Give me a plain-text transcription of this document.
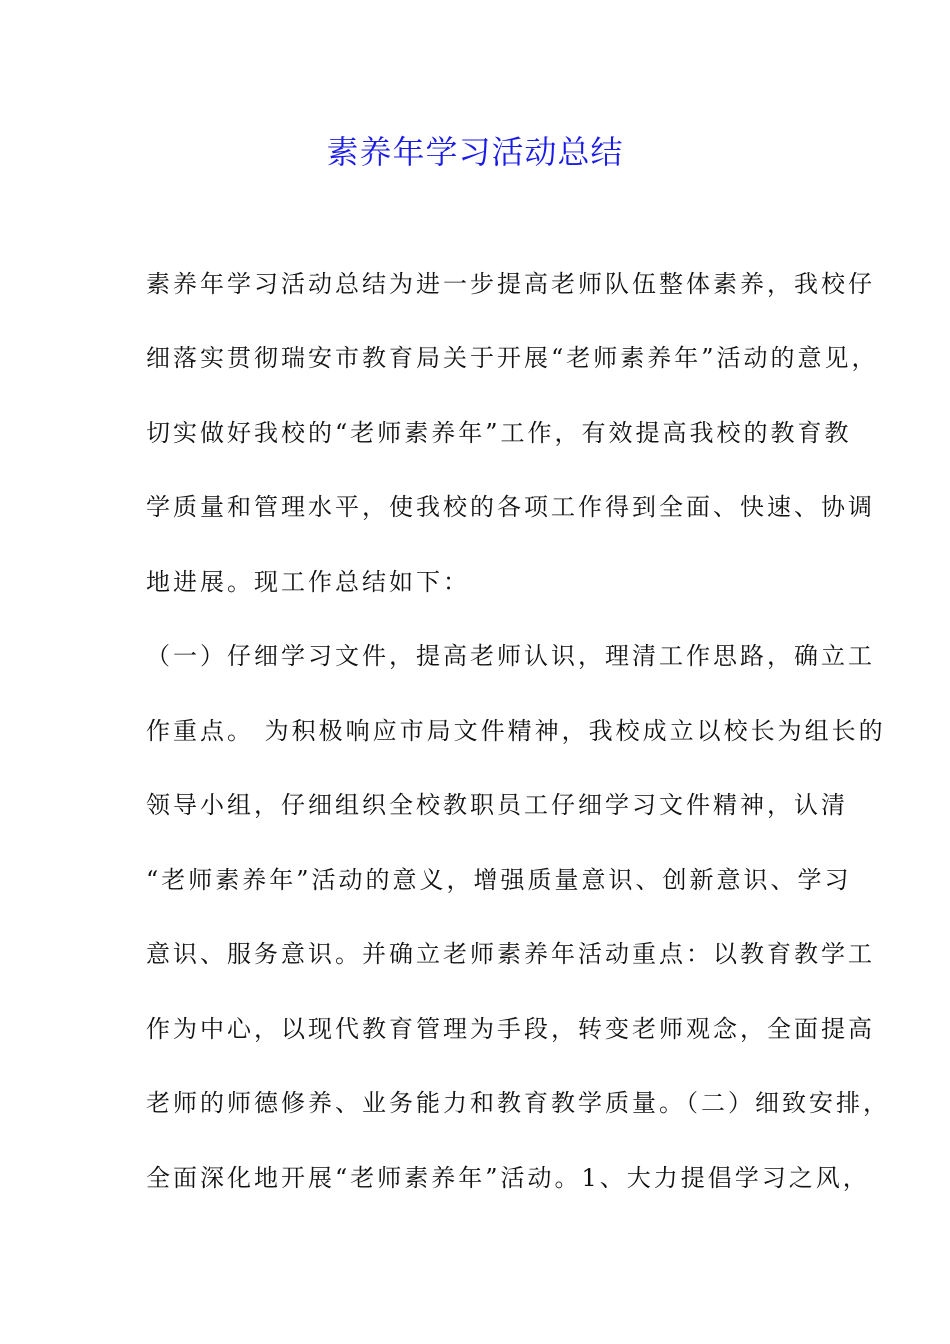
素养年学习活动总结
素养年学习活动总结为进一步提高老师队伍整体素养，我校仔
细落实贯彻瑞安市教育局关于开展“老师素养年”活动的意见，
切实做好我校的“老师素养年”工作，有效提高我校的教育教
学质量和管理水平，使我校的各项工作得到全面、快速、协调
地进展。现工作总结如下：
（一）仔细学习文件，提高老师认识，理清工作思路，确立工
作重点。 为积极响应市局文件精神，我校成立以校长为组长的
领导小组，仔细组织全校教职员工仔细学习文件精神，认清
“老师素养年”活动的意义，增强质量意识、创新意识、学习
意识、服务意识。并确立老师素养年活动重点：以教育教学工
作为中心，以现代教育管理为手段，转变老师观念，全面提高
老师的师德修养、业务能力和教育教学质量。（二）细致安排，
全面深化地开展“老师素养年”活动。1、大力提倡学习之风，
